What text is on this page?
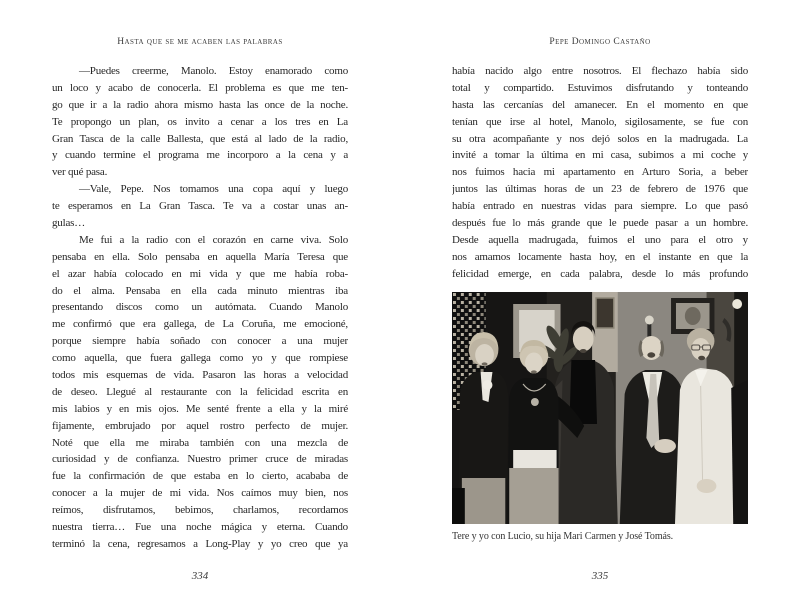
Hasta que se me acaben las palabras
—Puedes creerme, Manolo. Estoy enamorado como
un loco y acabo de conocerla. El problema es que me ten-
go que ir a la radio ahora mismo hasta las once de la noche.
Te propongo un plan, os invito a cenar a los tres en La
Gran Tasca de la calle Ballesta, que está al lado de la radio,
y cuando termine el programa me incorporo a la cena y a
ver qué pasa.
—Vale, Pepe. Nos tomamos una copa aquí y luego
te esperamos en La Gran Tasca. Te va a costar unas an-
gulas…
Me fui a la radio con el corazón en carne viva. Solo
pensaba en ella. Solo pensaba en aquella María Teresa que
el azar había colocado en mi vida y que me había roba-
do el alma. Pensaba en ella cada minuto mientras iba
presentando discos como un autómata. Cuando Manolo
me confirmó que era gallega, de La Coruña, me emocioné,
porque siempre había soñado con conocer a una mujer
como aquella, que fuera gallega como yo y que rompiese
todos mis esquemas de vida. Pasaron las horas a velocidad
de deseo. Llegué al restaurante con la felicidad escrita en
mis labios y en mis ojos. Me senté frente a ella y la miré
fijamente, embrujado por aquel rostro perfecto de mujer.
Noté que ella me miraba también con una mezcla de
curiosidad y de confianza. Nuestro primer cruce de miradas
fue la confirmación de que estaba en lo cierto, acababa de
conocer a la mujer de mi vida. Nos caímos muy bien, nos
reímos, disfrutamos, bebimos, charlamos, recordamos
nuestra tierra… Fue una noche mágica y eterna. Cuando
terminó la cena, regresamos a Long-Play y yo creo que ya
334
Pepe Domingo Castaño
había nacido algo entre nosotros. El flechazo había sido
total y compartido. Estuvimos disfrutando y tonteando
hasta las cercanías del amanecer. En el momento en que
tenían que irse al hotel, Manolo, sigilosamente, se fue con
su otra acompañante y nos dejó solos en la madrugada. La
invité a tomar la última en mi casa, subimos a mi coche y
nos fuimos hacia mi apartamento en Arturo Soria, a beber
juntos las últimas horas de un 23 de febrero de 1976 que
había entrado en nuestras vidas para siempre. Lo que pasó
después fue lo más grande que le puede pasar a un hombre.
Desde aquella madrugada, fuimos el uno para el otro y
nos amamos locamente hasta hoy, en el instante en que la
felicidad emerge, en cada palabra, desde lo más profundo
Tere y yo con Lucio, su hija Mari Carmen y José Tomás.
335
